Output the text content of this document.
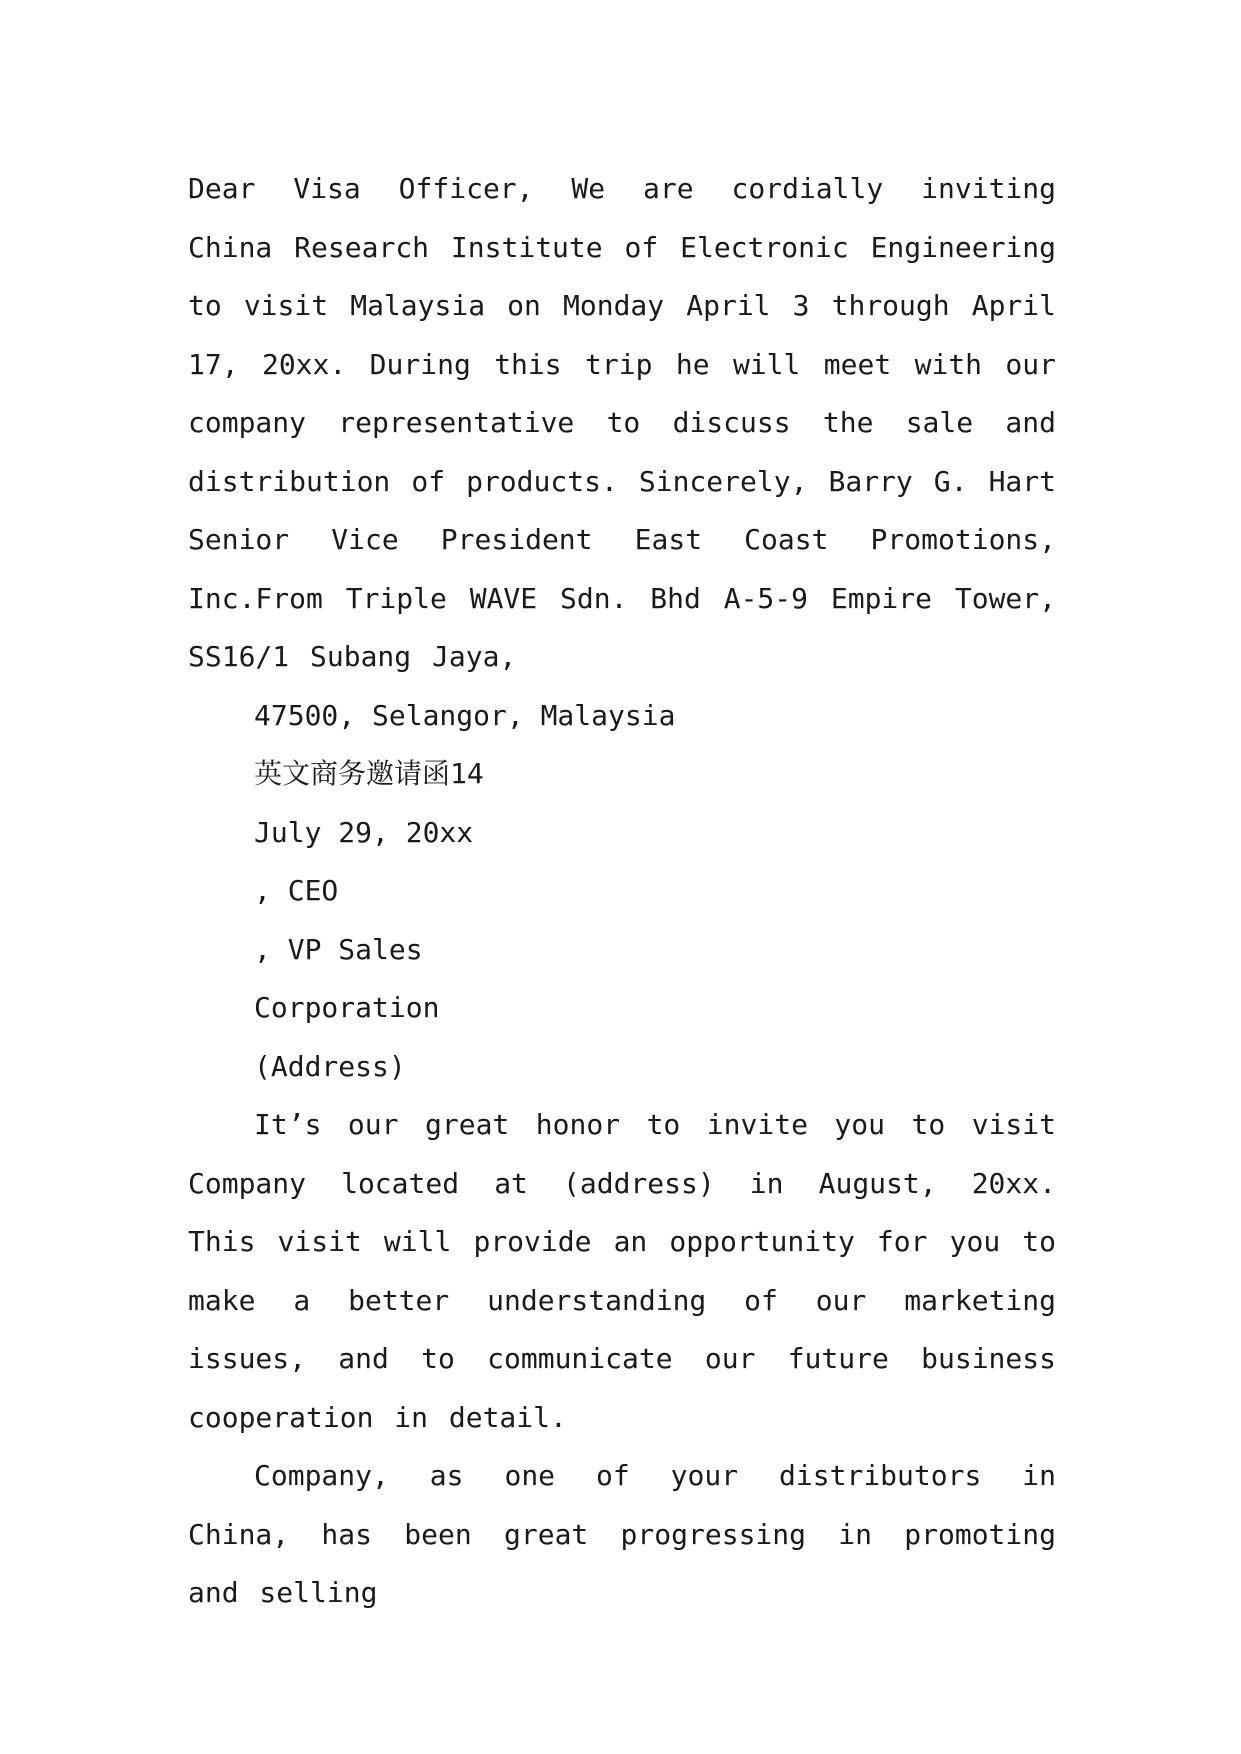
Dear Visa Officer, We are cordially inviting China Research Institute of Electronic Engineering to visit Malaysia on Monday April 3 through April 17, 20xx. During this trip he will meet with our company representative to discuss the sale and distribution of products. Sincerely, Barry G. Hart Senior Vice President East Coast Promotions, Inc.From Triple WAVE Sdn. Bhd A-5-9 Empire Tower, SS16/1 Subang Jaya,

47500, Selangor, Malaysia

英文商务邀请函14

July 29, 20xx

, CEO

, VP Sales

Corporation

(Address)

It’s our great honor to invite you to visit Company located at (address) in August, 20xx. This visit will provide an opportunity for you to make a better understanding of our marketing issues, and to communicate our future business cooperation in detail.

Company, as one of your distributors in China, has been great progressing in promoting and selling
